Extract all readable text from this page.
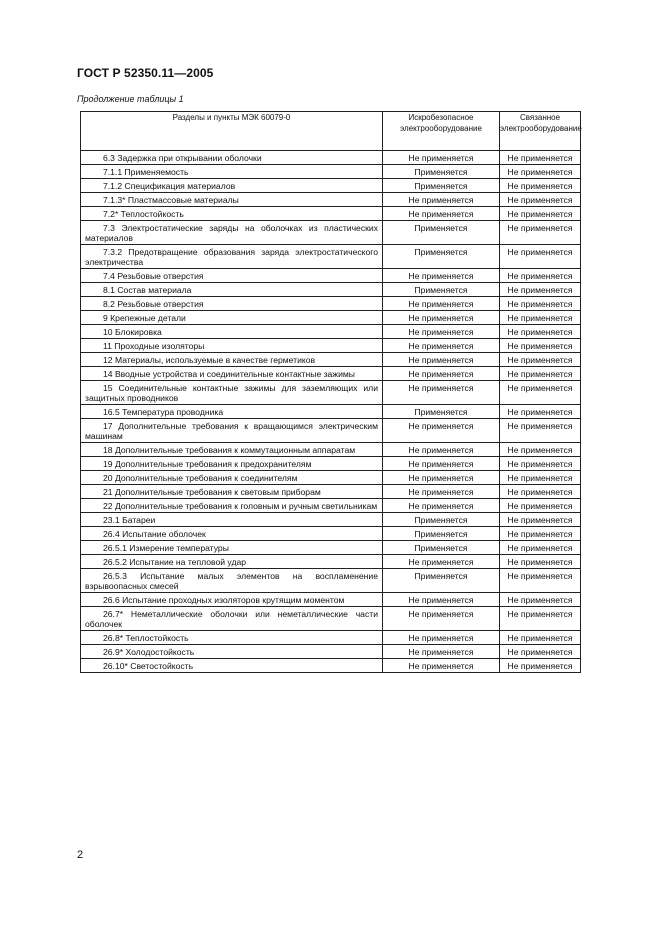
ГОСТ Р 52350.11—2005
Продолжение таблицы 1
Разделы и пункты МЭК 60079-0	Искробезопасное электрооборудование	Связанное электрооборудование
6.3 Задержка при открывании оболочки	Не применяется	Не применяется
7.1.1 Применяемость	Применяется	Не применяется
7.1.2 Спецификация материалов	Применяется	Не применяется
7.1.3* Пластмассовые материалы	Не применяется	Не применяется
7.2* Теплостойкость	Не применяется	Не применяется
7.3 Электростатические заряды на оболочках из пластических материалов	Применяется	Не применяется
7.3.2 Предотвращение образования заряда электростатического электричества	Применяется	Не применяется
7.4 Резьбовые отверстия	Не применяется	Не применяется
8.1 Состав материала	Применяется	Не применяется
8.2 Резьбовые отверстия	Не применяется	Не применяется
9 Крепежные детали	Не применяется	Не применяется
10 Блокировка	Не применяется	Не применяется
11 Проходные изоляторы	Не применяется	Не применяется
12 Материалы, используемые в качестве герметиков	Не применяется	Не применяется
14 Вводные устройства и соединительные контактные зажимы	Не применяется	Не применяется
15 Соединительные контактные зажимы для заземляющих или защитных проводников	Не применяется	Не применяется
16.5 Температура проводника	Применяется	Не применяется
17 Дополнительные требования к вращающимся электрическим машинам	Не применяется	Не применяется
18 Дополнительные требования к коммутационным аппаратам	Не применяется	Не применяется
19 Дополнительные требования к предохранителям	Не применяется	Не применяется
20 Дополнительные требования к соединителям	Не применяется	Не применяется
21 Дополнительные требования к световым приборам	Не применяется	Не применяется
22 Дополнительные требования к головным и ручным светильникам	Не применяется	Не применяется
23.1 Батареи	Применяется	Не применяется
26.4 Испытание оболочек	Применяется	Не применяется
26.5.1 Измерение температуры	Применяется	Не применяется
26.5.2 Испытание на тепловой удар	Не применяется	Не применяется
26.5.3 Испытание малых элементов на воспламенение взрывоопасных смесей	Применяется	Не применяется
26.6 Испытание проходных изоляторов крутящим моментом	Не применяется	Не применяется
26.7* Неметаллические оболочки или неметаллические части оболочек	Не применяется	Не применяется
26.8* Теплостойкость	Не применяется	Не применяется
26.9* Холодостойкость	Не применяется	Не применяется
26.10* Светостойкость	Не применяется	Не применяется
2
